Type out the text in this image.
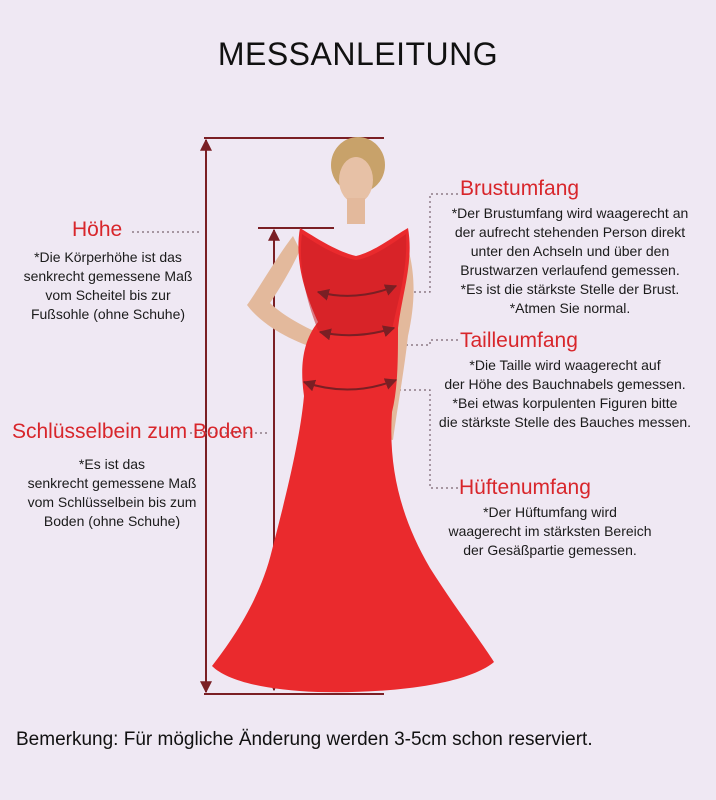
MESSANLEITUNG
Höhe
*Die Körperhöhe ist das
senkrecht gemessene Maß
vom Scheitel bis zur
Fußsohle (ohne Schuhe)
Schlüsselbein zum Boden
*Es ist das
senkrecht gemessene Maß
vom Schlüsselbein bis zum
Boden (ohne Schuhe)
Brustumfang
*Der Brustumfang wird waagerecht an
der aufrecht stehenden Person direkt
unter den Achseln und über den
Brustwarzen verlaufend gemessen.
*Es ist die stärkste Stelle der Brust.
*Atmen Sie normal.
Tailleumfang
*Die Taille wird waagerecht auf
der Höhe des Bauchnabels gemessen.
*Bei etwas korpulenten Figuren bitte
die stärkste Stelle des Bauches messen.
Hüftenumfang
*Der Hüftumfang wird
waagerecht im stärksten Bereich
der Gesäßpartie gemessen.
Bemerkung: Für mögliche Änderung werden 3-5cm schon reserviert.
